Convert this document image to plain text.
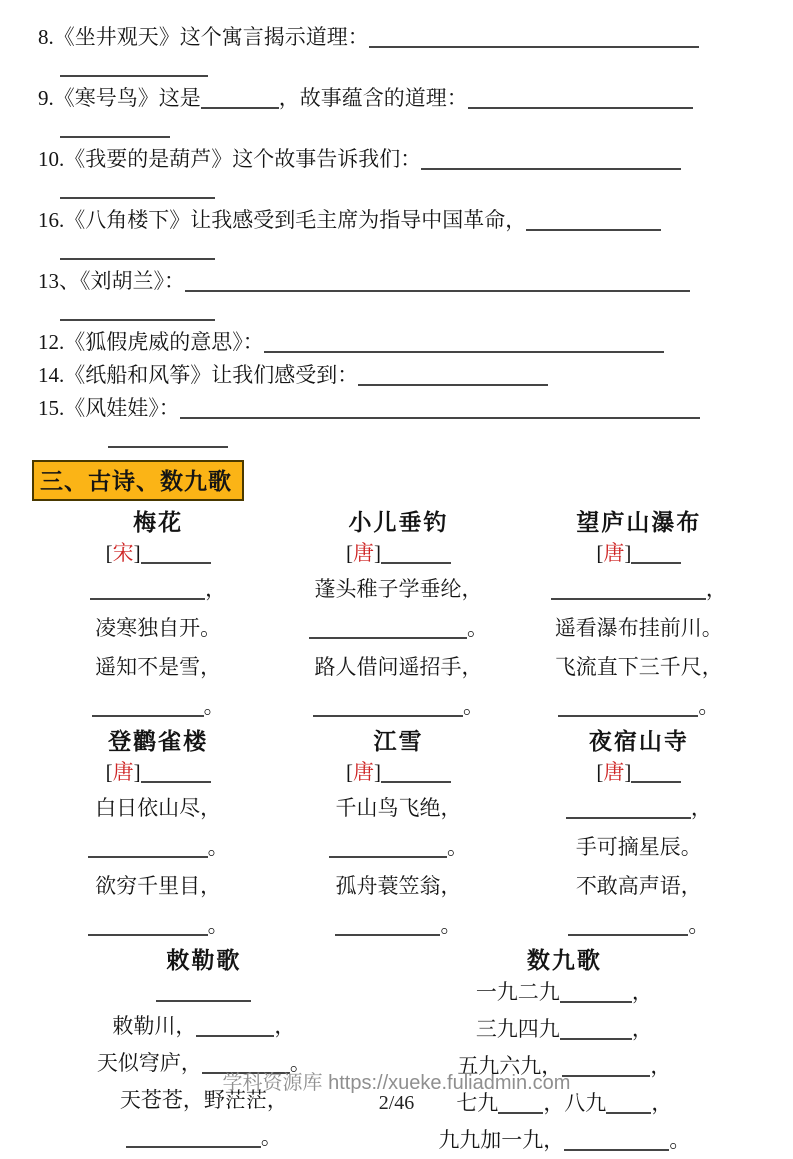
8.《坐井观天》这个寓言揭示道理：
9.《寒号鸟》这是	，故事蕴含的道理：
10.《我要的是葫芦》这个故事告诉我们：
16.《八角楼下》让我感受到毛主席为指导中国革命，
13、《刘胡兰》：
12.《狐假虎威的意思》：
14.《纸船和风筝》让我们感受到：
15.《风娃娃》：
三、古诗、数九歌
梅花
[宋]
，
凌寒独自开。
遥知不是雪，
。
小儿垂钓
[唐]
蓬头稚子学垂纶，
。
路人借问遥招手，
。
望庐山瀑布
[唐]
，
遥看瀑布挂前川。
飞流直下三千尺，
。
登鹳雀楼
[唐]
白日依山尽，
。
欲穷千里目，
。
江雪
[唐]
千山鸟飞绝，
。
孤舟蓑笠翁，
。
夜宿山寺
[唐]
，
手可摘星辰。
不敢高声语，
。
敕勒歌
敕勒川，	，
天似穹庐，	。
天苍苍，野茫茫，
。
数九歌
一九二九	，
三九四九	，
五九六九，	，
七九 ，八九 ，
九九加一九，	。
学科资源库 https://xueke.fuliadmin.com
2/46
